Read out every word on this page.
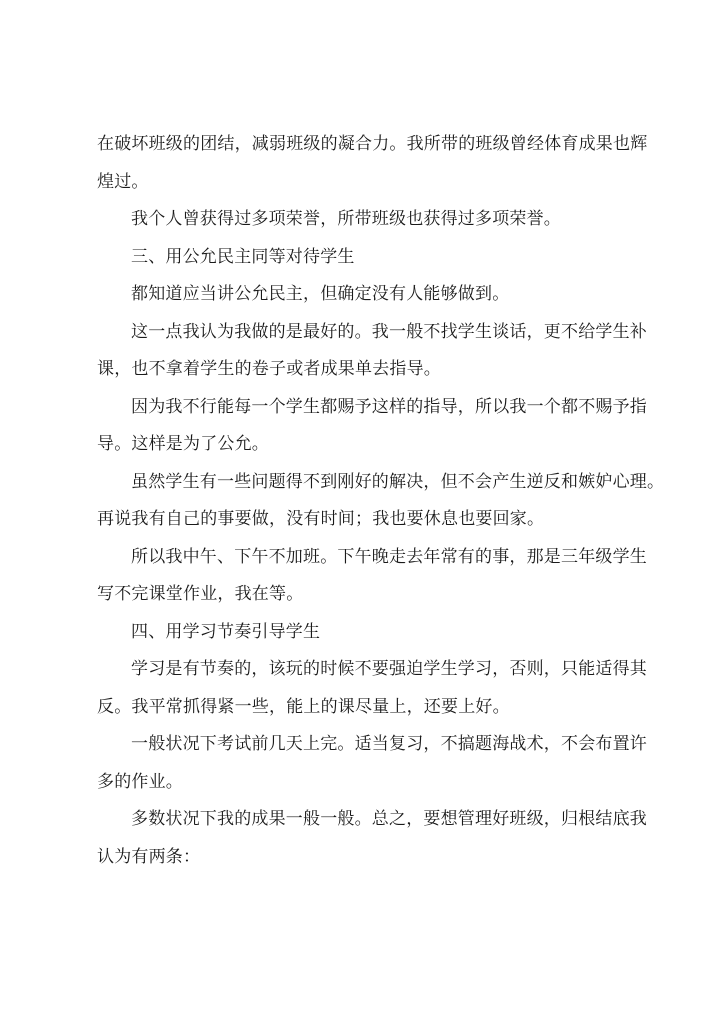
在破坏班级的团结，减弱班级的凝合力。我所带的班级曾经体育成果也辉
煌过。

我个人曾获得过多项荣誉，所带班级也获得过多项荣誉。

三、用公允民主同等对待学生

都知道应当讲公允民主，但确定没有人能够做到。

这一点我认为我做的是最好的。我一般不找学生谈话，更不给学生补
课，也不拿着学生的卷子或者成果单去指导。

因为我不行能每一个学生都赐予这样的指导，所以我一个都不赐予指
导。这样是为了公允。

虽然学生有一些问题得不到刚好的解决，但不会产生逆反和嫉妒心理。
再说我有自己的事要做，没有时间；我也要休息也要回家。

所以我中午、下午不加班。下午晚走去年常有的事，那是三年级学生
写不完课堂作业，我在等。

四、用学习节奏引导学生

学习是有节奏的，该玩的时候不要强迫学生学习，否则，只能适得其
反。我平常抓得紧一些，能上的课尽量上，还要上好。

一般状况下考试前几天上完。适当复习，不搞题海战术，不会布置许
多的作业。

多数状况下我的成果一般一般。总之，要想管理好班级，归根结底我
认为有两条：
